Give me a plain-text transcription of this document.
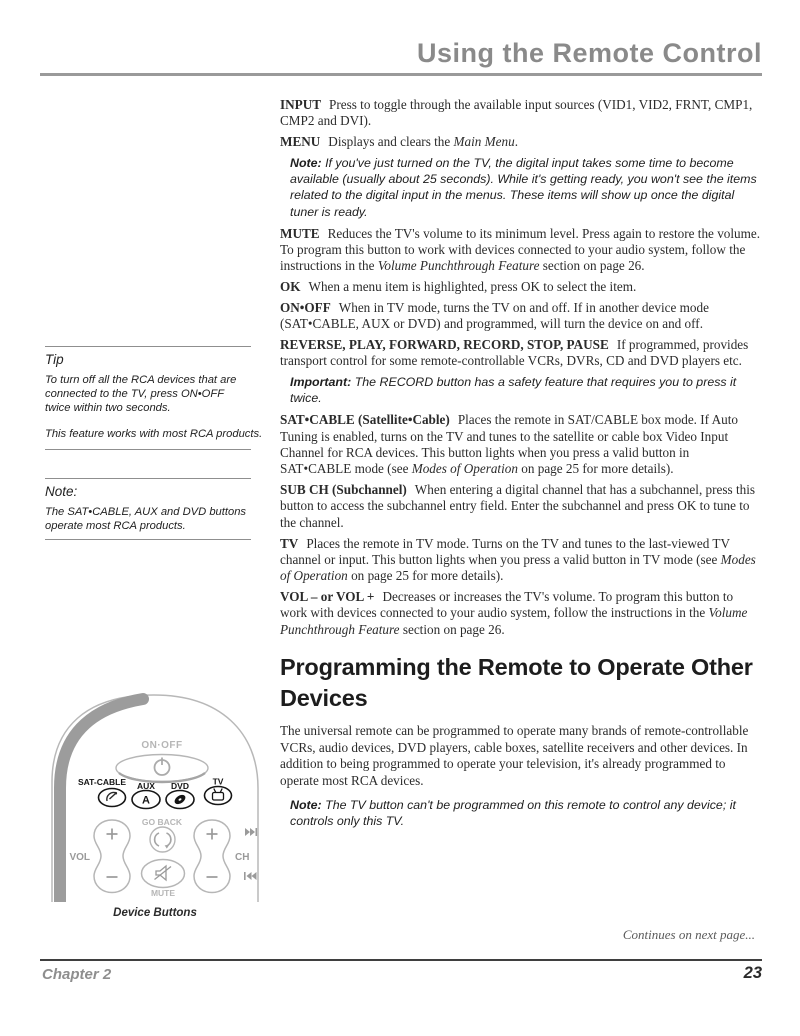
Using the Remote Control
Tip

To turn off all the RCA devices that are connected to the TV, press ON•OFF twice within two seconds.

This feature works with most RCA products.

Note:

The SAT•CABLE, AUX and DVD buttons operate most RCA products.

INPUT Press to toggle through the available input sources (VID1, VID2, FRNT, CMP1, CMP2 and DVI).

MENU Displays and clears the Main Menu.

Note: If you've just turned on the TV, the digital input takes some time to become available (usually about 25 seconds). While it's getting ready, you won't see the items related to the digital input in the menus. These items will show up once the digital tuner is ready.

MUTE Reduces the TV's volume to its minimum level. Press again to restore the volume. To program this button to work with devices connected to your audio system, follow the instructions in the Volume Punchthrough Feature section on page 26.

OK When a menu item is highlighted, press OK to select the item.

ON•OFF When in TV mode, turns the TV on and off. If in another device mode (SAT•CABLE, AUX or DVD) and programmed, will turn the device on and off.

REVERSE, PLAY, FORWARD, RECORD, STOP, PAUSE If programmed, provides transport control for some remote-controllable VCRs, DVRs, CD and DVD players etc.

Important: The RECORD button has a safety feature that requires you to press it twice.

SAT•CABLE (Satellite•Cable) Places the remote in SAT/CABLE box mode. If Auto Tuning is enabled, turns on the TV and tunes to the satellite or cable box Video Input Channel for RCA devices. This button lights when you press a valid button in SAT•CABLE mode (see Modes of Operation on page 25 for more details).

SUB CH (Subchannel) When entering a digital channel that has a subchannel, press this button to access the subchannel entry field. Enter the subchannel and press OK to tune to the channel.

TV Places the remote in TV mode. Turns on the TV and tunes to the last-viewed TV channel or input. This button lights when you press a valid button in TV mode (see Modes of Operation on page 25 for more details).

VOL – or VOL + Decreases or increases the TV's volume. To program this button to work with devices connected to your audio system, follow the instructions in the Volume Punchthrough Feature section on page 26.

Programming the Remote to Operate Other Devices

The universal remote can be programmed to operate many brands of remote-controllable VCRs, audio devices, DVD players, cable boxes, satellite receivers and other devices. In addition to being programmed to operate your television, it's already programmed to operate most RCA devices.

Note: The TV button can't be programmed on this remote to control any device; it controls only this TV.

ON·OFF
SAT-CABLE AUX
A
DVD	TV
GO BACK
VOL	CH
MUTE
Device Buttons
Continues on next page...
Chapter 2	23
